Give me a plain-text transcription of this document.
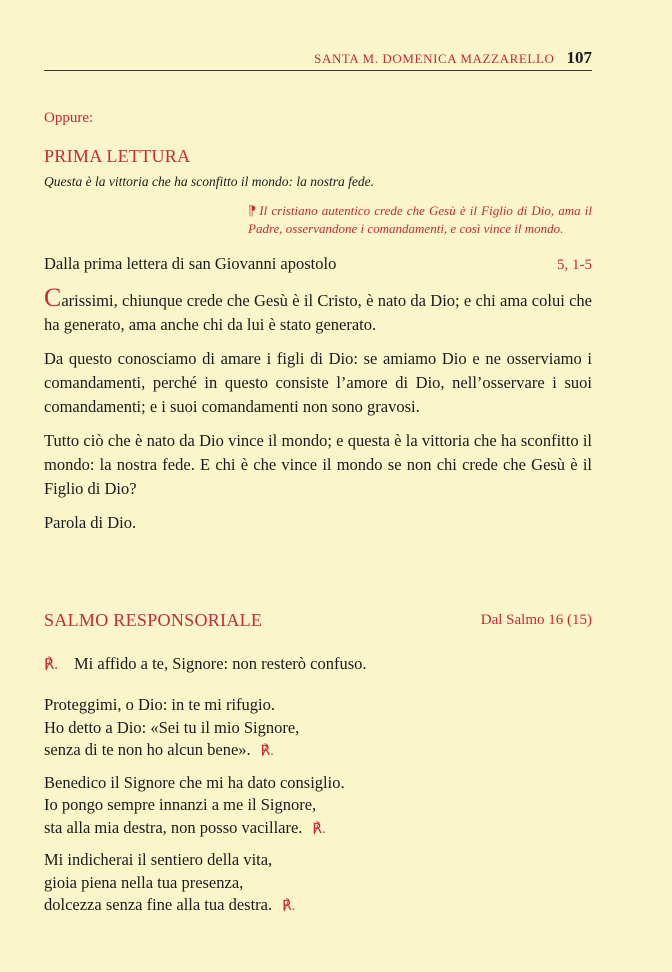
SANTA M. DOMENICA MAZZARELLO 107
Oppure:
PRIMA LETTURA
Questa è la vittoria che ha sconfitto il mondo: la nostra fede.
⁋ Il cristiano autentico crede che Gesù è il Figlio di Dio, ama il Padre, osservandone i comandamenti, e così vince il mondo.
Dalla prima lettera di san Giovanni apostolo	5, 1-5

Carissimi, chiunque crede che Gesù è il Cristo, è nato da Dio; e chi ama colui che ha generato, ama anche chi da lui è stato generato.

Da questo conosciamo di amare i figli di Dio: se amiamo Dio e ne osserviamo i comandamenti, perché in questo consiste l’amore di Dio, nell’osservare i suoi comandamenti; e i suoi comandamenti non sono gravosi.

Tutto ciò che è nato da Dio vince il mondo; e questa è la vittoria che ha sconfitto il mondo: la nostra fede. E chi è che vince il mondo se non chi crede che Gesù è il Figlio di Dio?

Parola di Dio.

SALMO RESPONSORIALE	Dal Salmo 16 (15)
℟. Mi affido a te, Signore: non resterò confuso.
Proteggimi, o Dio: in te mi rifugio.
Ho detto a Dio: «Sei tu il mio Signore,
senza di te non ho alcun bene». ℟.
Benedico il Signore che mi ha dato consiglio.
Io pongo sempre innanzi a me il Signore,
sta alla mia destra, non posso vacillare. ℟.
Mi indicherai il sentiero della vita,
gioia piena nella tua presenza,
dolcezza senza fine alla tua destra. ℟.
